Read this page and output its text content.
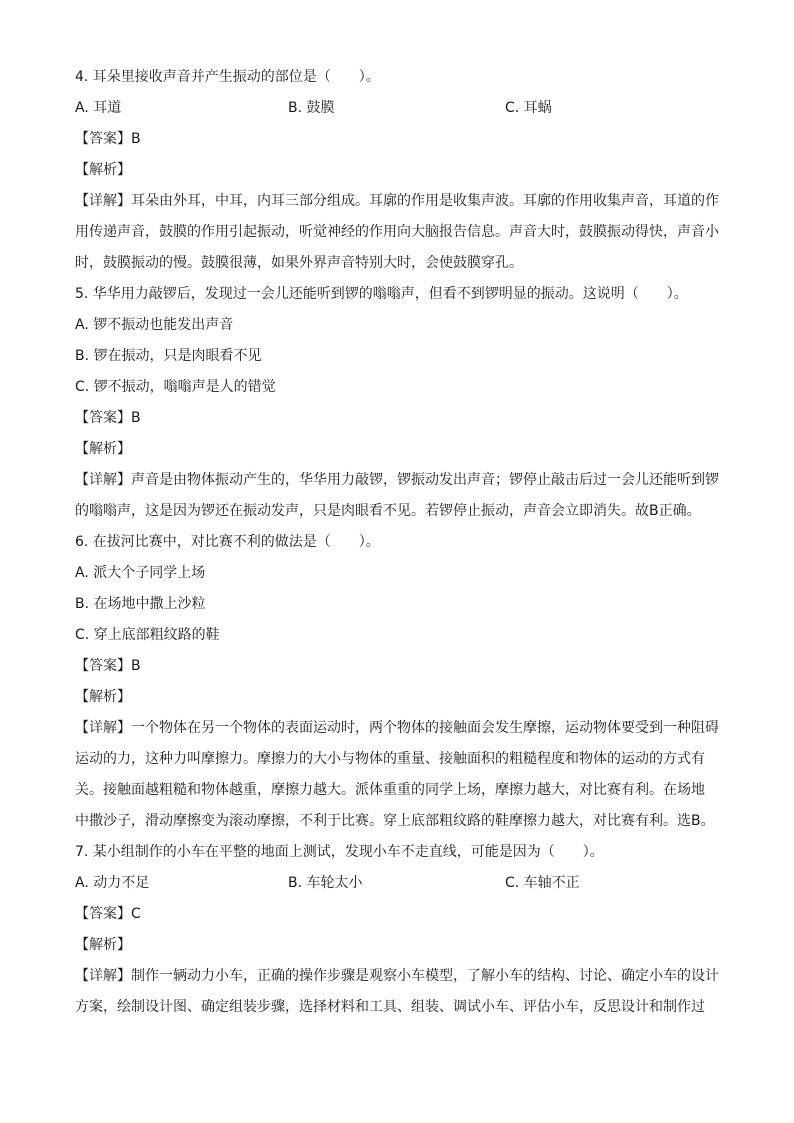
4. 耳朵里接收声音并产生振动的部位是（　　）。
A. 耳道	B. 鼓膜	C. 耳蜗
【答案】B
【解析】
【详解】耳朵由外耳，中耳，内耳三部分组成。耳廓的作用是收集声波。耳廓的作用收集声音，耳道的作
用传递声音，鼓膜的作用引起振动，听觉神经的作用向大脑报告信息。声音大时，鼓膜振动得快，声音小
时，鼓膜振动的慢。鼓膜很薄，如果外界声音特别大时，会使鼓膜穿孔。
5. 华华用力敲锣后，发现过一会儿还能听到锣的嗡嗡声，但看不到锣明显的振动。这说明（　　）。
A. 锣不振动也能发出声音
B. 锣在振动，只是肉眼看不见
C. 锣不振动，嗡嗡声是人的错觉
【答案】B
【解析】
【详解】声音是由物体振动产生的，华华用力敲锣，锣振动发出声音；锣停止敲击后过一会儿还能听到锣
的嗡嗡声，这是因为锣还在振动发声，只是肉眼看不见。若锣停止振动，声音会立即消失。故B正确。
6. 在拔河比赛中，对比赛不利的做法是（　　）。
A. 派大个子同学上场
B. 在场地中撒上沙粒
C. 穿上底部粗纹路的鞋
【答案】B
【解析】
【详解】一个物体在另一个物体的表面运动时，两个物体的接触面会发生摩擦，运动物体要受到一种阻碍
运动的力，这种力叫摩擦力。摩擦力的大小与物体的重量、接触面积的粗糙程度和物体的运动的方式有
关。接触面越粗糙和物体越重，摩擦力越大。派体重重的同学上场，摩擦力越大，对比赛有利。在场地
中撒沙子，滑动摩擦变为滚动摩擦，不利于比赛。穿上底部粗纹路的鞋摩擦力越大，对比赛有利。选B。
7. 某小组制作的小车在平整的地面上测试，发现小车不走直线，可能是因为（　　）。
A. 动力不足	B. 车轮太小	C. 车轴不正
【答案】C
【解析】
【详解】制作一辆动力小车，正确的操作步骤是观察小车模型，了解小车的结构、讨论、确定小车的设计
方案，绘制设计图、确定组装步骤，选择材料和工具、组装、调试小车、评估小车，反思设计和制作过
